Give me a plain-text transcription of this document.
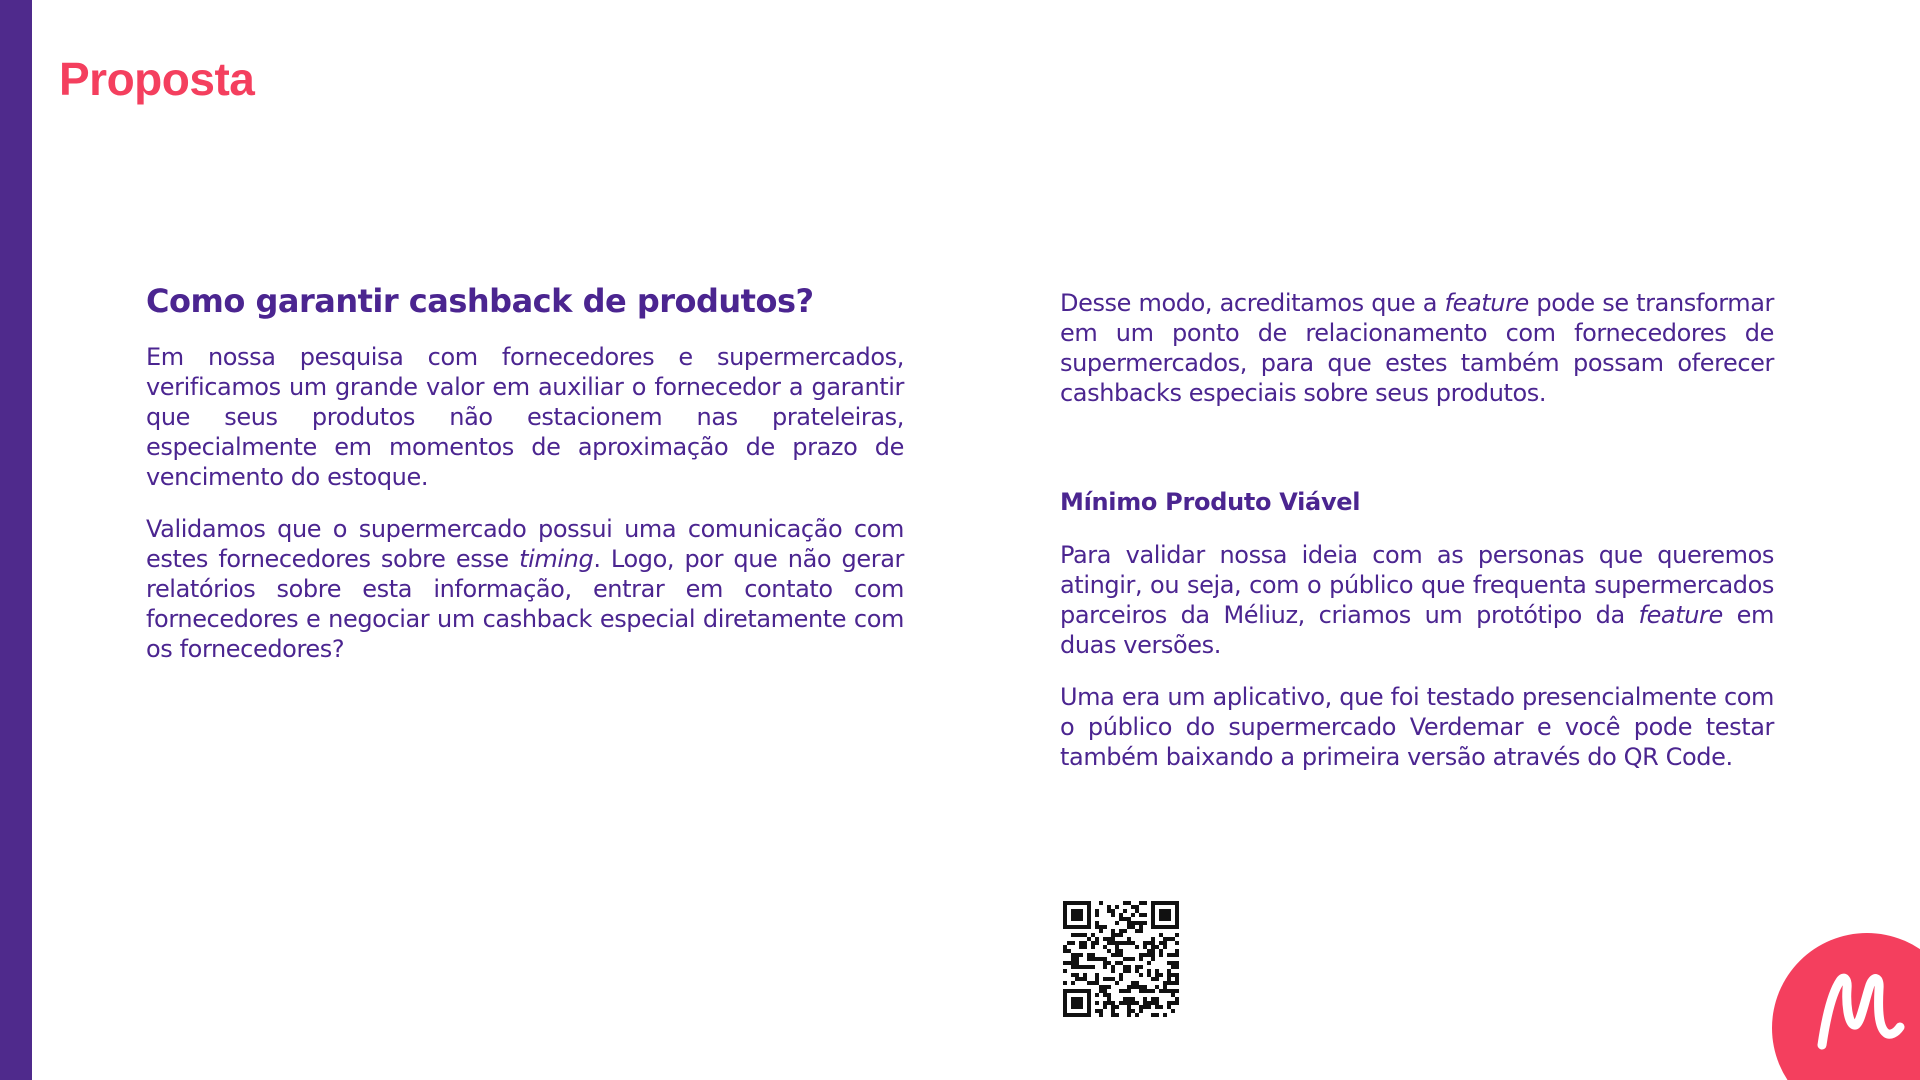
Proposta
Como garantir cashback de produtos?

Em nossa pesquisa com fornecedores e supermercados, verificamos um grande valor em auxiliar o fornecedor a garantir que seus produtos não estacionem nas prateleiras, especialmente em momentos de aproximação de prazo de vencimento do estoque.

Validamos que o supermercado possui uma comunicação com estes fornecedores sobre esse timing. Logo, por que não gerar relatórios sobre esta informação, entrar em contato com fornecedores e negociar um cashback especial diretamente com os fornecedores?

Desse modo, acreditamos que a feature pode se transformar em um ponto de relacionamento com fornecedores de supermercados, para que estes também possam oferecer cashbacks especiais sobre seus produtos.

Mínimo Produto Viável

Para validar nossa ideia com as personas que queremos atingir, ou seja, com o público que frequenta supermercados parceiros da Méliuz, criamos um protótipo da feature em duas versões.

Uma era um aplicativo, que foi testado presencialmente com o público do supermercado Verdemar e você pode testar também baixando a primeira versão através do QR Code.
